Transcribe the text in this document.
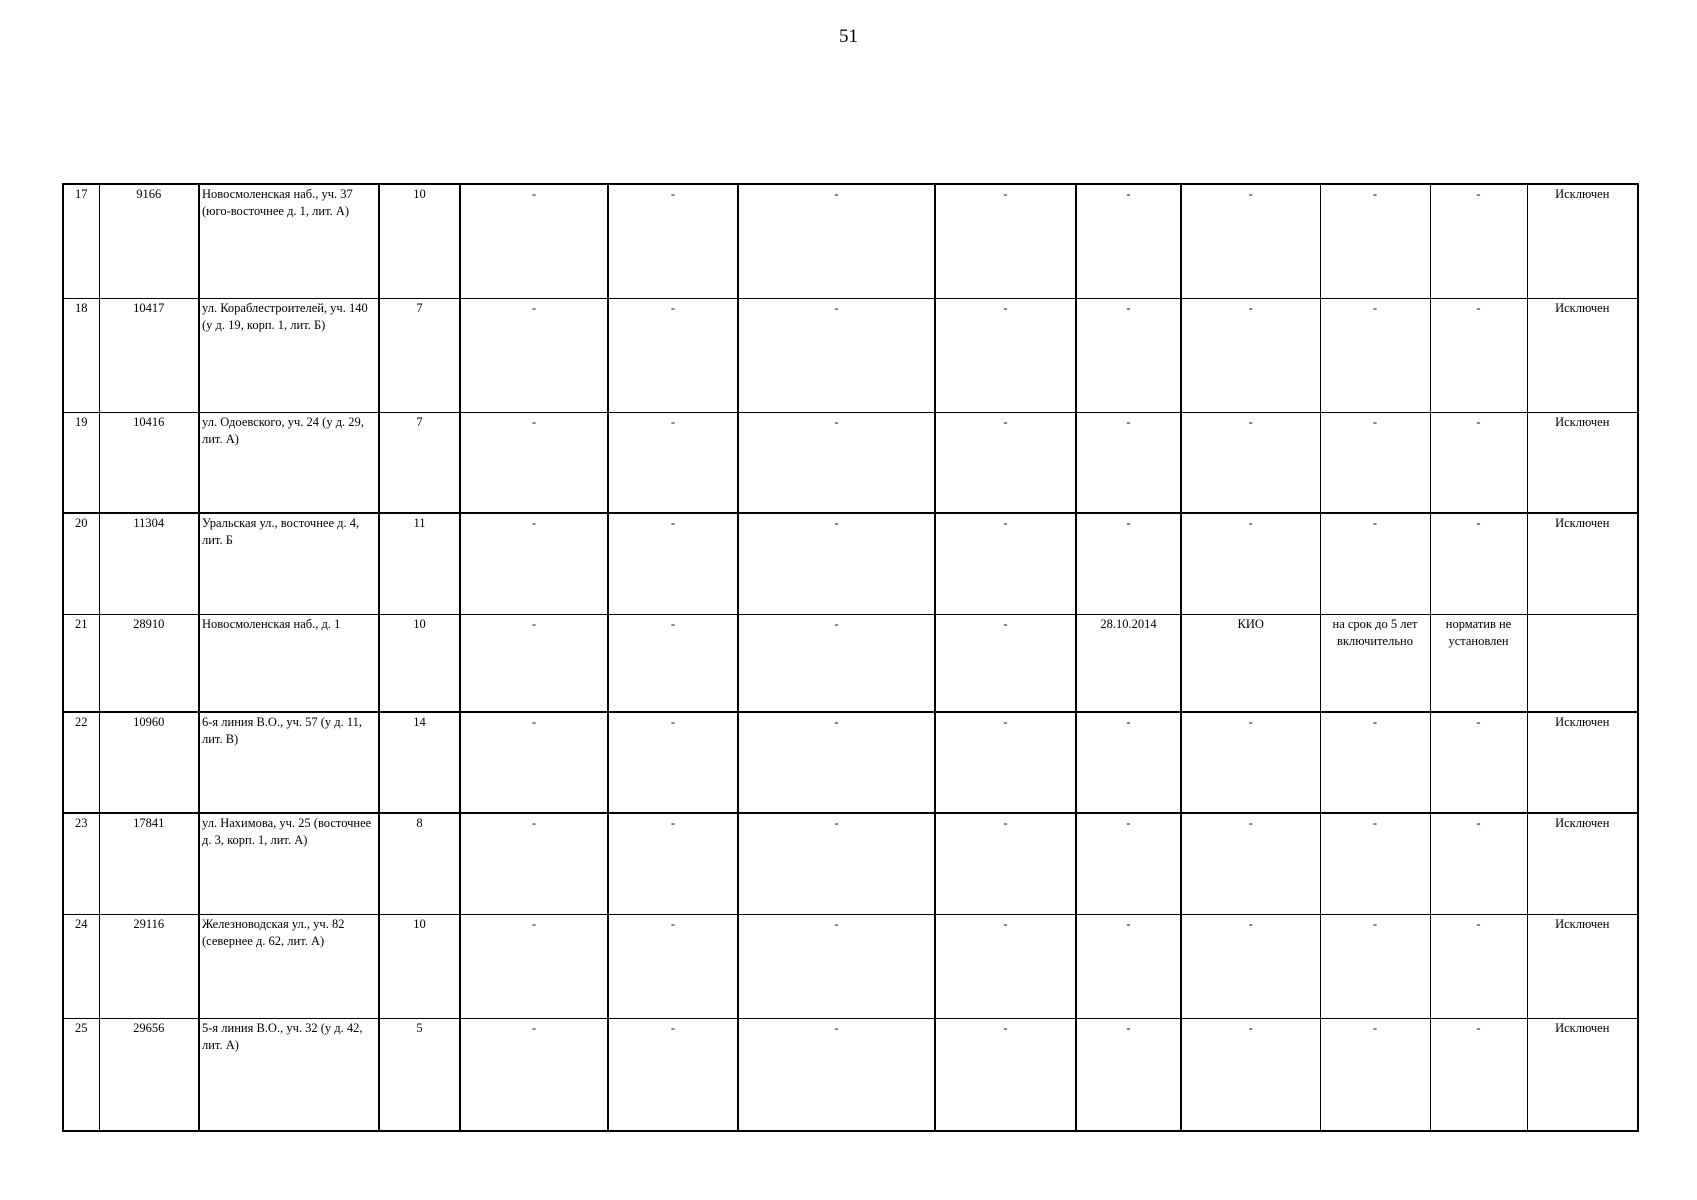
51
17	9166	Новосмоленская наб., уч. 37 (юго-восточнее д. 1, лит. А)	10	-	-	-	-	-	-	-	-	Исключен
18	10417	ул. Кораблестроителей, уч. 140 (у д. 19, корп. 1, лит. Б)	7	-	-	-	-	-	-	-	-	Исключен
19	10416	ул. Одоевского, уч. 24 (у д. 29, лит. А)	7	-	-	-	-	-	-	-	-	Исключен
20	11304	Уральская ул., восточнее д. 4, лит. Б	11	-	-	-	-	-	-	-	-	Исключен
21	28910	Новосмоленская наб., д. 1	10	-	-	-	-	28.10.2014	КИО	на срок до 5 лет включительно	норматив не установлен	
22	10960	6-я линия В.О., уч. 57 (у д. 11, лит. В)	14	-	-	-	-	-	-	-	-	Исключен
23	17841	ул. Нахимова, уч. 25 (восточнее д. 3, корп. 1, лит. А)	8	-	-	-	-	-	-	-	-	Исключен
24	29116	Железноводская ул., уч. 82 (севернее д. 62, лит. А)	10	-	-	-	-	-	-	-	-	Исключен
25	29656	5-я линия В.О., уч. 32 (у д. 42, лит. А)	5	-	-	-	-	-	-	-	-	Исключен
